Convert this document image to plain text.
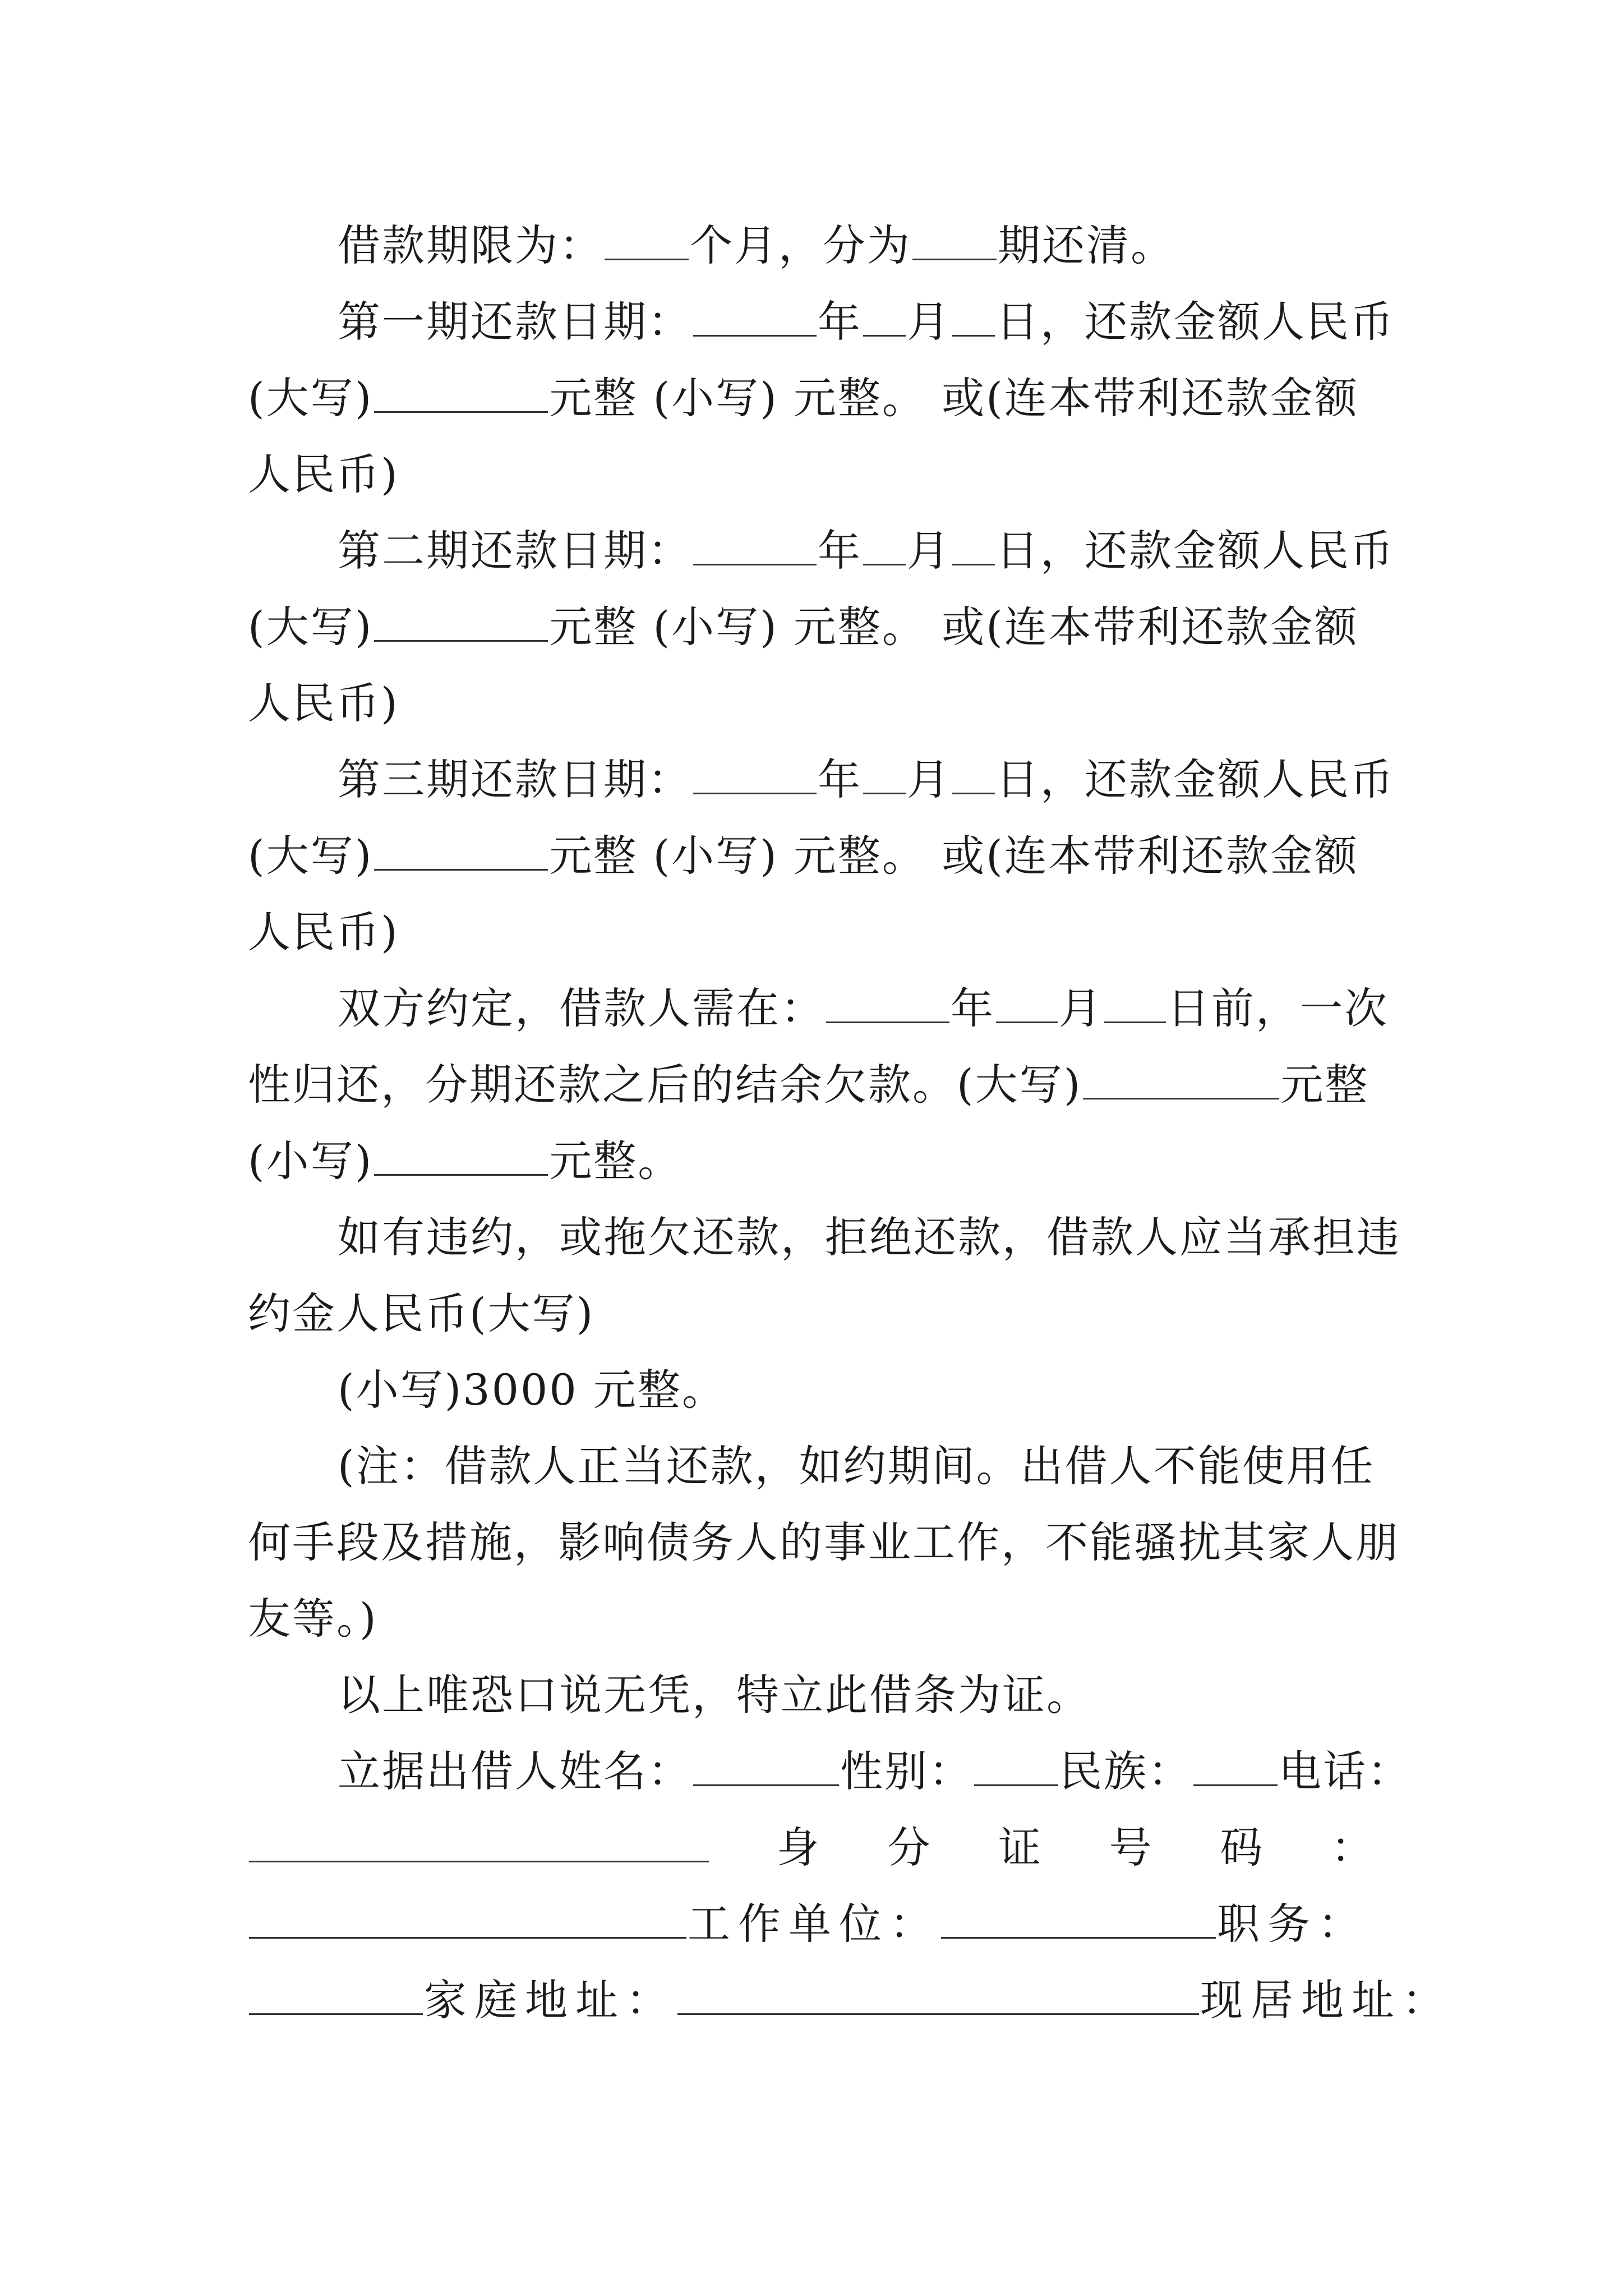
借款期限为： 个月，分为 期还清。
第一期还款日期：	年 月 日，还款金额人民币
(大写)	元整 (小写) 元整。 或(连本带利还款金额
人民币)
第二期还款日期：	年 月 日，还款金额人民币
(大写)	元整 (小写) 元整。 或(连本带利还款金额
人民币)
第三期还款日期：	年 月 日，还款金额人民币
(大写)	元整 (小写) 元整。 或(连本带利还款金额
人民币)
双方约定，借款人需在：	年 月 日前，一次
性归还，分期还款之后的结余欠款。(大写)	元整
(小写)	元整。
如有违约，或拖欠还款，拒绝还款，借款人应当承担违
约金人民币(大写)
(小写)3000 元整。
(注：借款人正当还款，如约期间。出借人不能使用任
何手段及措施，影响债务人的事业工作，不能骚扰其家人朋
友等。)
以上唯恐口说无凭，特立此借条为证。
立据出借人姓名：	性别： 民族： 电话：
身 分 证 号 码 ：
工作单位：	职务：
家庭地址：	现居地址：
